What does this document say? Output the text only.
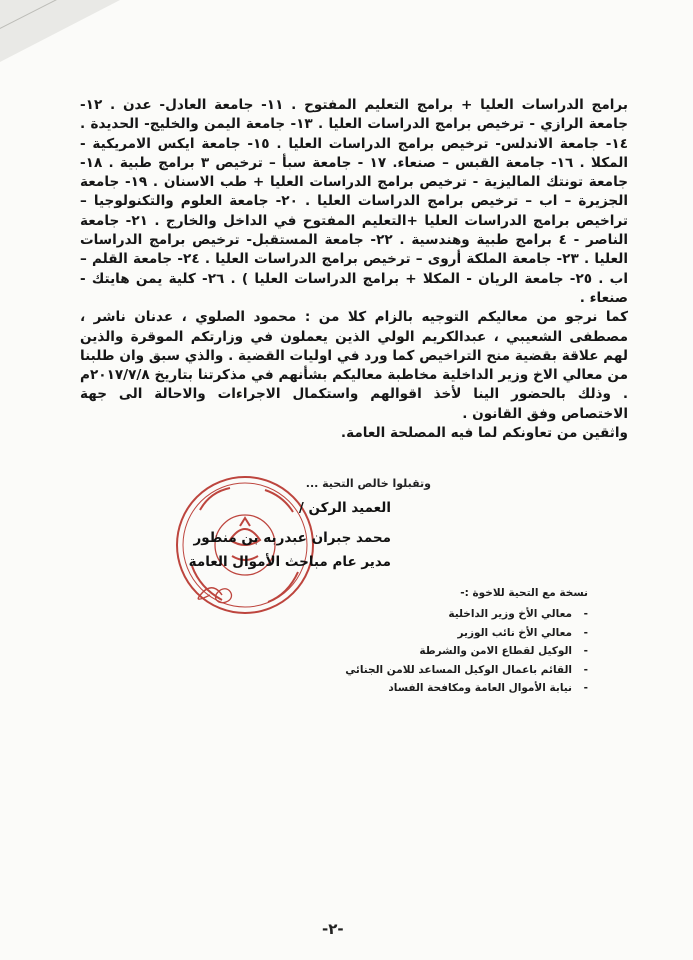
برامج الدراسات العليا + برامج التعليم المفتوح . ١١- جامعة العادل- عدن . ١٢- جامعة الرازي - ترخيص برامج الدراسات العليا . ١٣- جامعة اليمن والخليج- الحديدة . ١٤- جامعة الاندلس- ترخيص برامج الدراسات العليا . ١٥- جامعة ايكس الامريكية - المكلا . ١٦- جامعة القبس – صنعاء. ١٧ - جامعة سبأ – ترخيص ٣ برامج طبية . ١٨- جامعة تونتك الماليزية - ترخيص برامج الدراسات العليا + طب الاسنان . ١٩- جامعة الجزيرة – اب – ترخيص برامج الدراسات العليا . ٢٠- جامعة العلوم والتكنولوجيا – تراخيص برامج الدراسات العليا +التعليم المفتوح في الداخل والخارج . ٢١- جامعة الناصر - ٤ برامج طبية وهندسية . ٢٢- جامعة المستقبل- ترخيص برامج الدراسات العليا . ٢٣- جامعة الملكة أروى – ترخيص برامج الدراسات العليا . ٢٤- جامعة القلم – اب . ٢٥- جامعة الريان - المكلا + برامج الدراسات العليا ) . ٢٦- كلية يمن هايتك - صنعاء .

كما نرجو من معاليكم التوجيه بالزام كلا من : محمود الصلوي ، عدنان ناشر ، مصطفى الشعيبي ، عبدالكريم الولي الذين يعملون في وزارتكم الموقرة والذين لهم علاقة بقضية منح التراخيص كما ورد في اوليات القضية . والذي سبق وان طلبنا من معالي الاخ وزير الداخلية مخاطبة معاليكم بشأنهم في مذكرتنا بتاريخ ٢٠١٧/٧/٨م . وذلك بالحضور الينا لأخذ اقوالهم واستكمال الاجراءات والاحالة الى جهة الاختصاص وفق القانون .

واثقين من تعاونكم لما فيه المصلحة العامة.

وتقبلوا خالص التحية ...
العميد الركن /
محمد جبران عبدربه بن منظور
مدير عام مباحث الأموال العامة
نسخة مع التحية للاخوة :-
-
معالي الأخ وزير الداخلية
-
معالي الأخ نائب الوزير
-
الوكيل لقطاع الامن والشرطة
-
القائم باعمال الوكيل المساعد للامن الجنائي
-
نيابة الأموال العامة ومكافحة الفساد
-٢-
